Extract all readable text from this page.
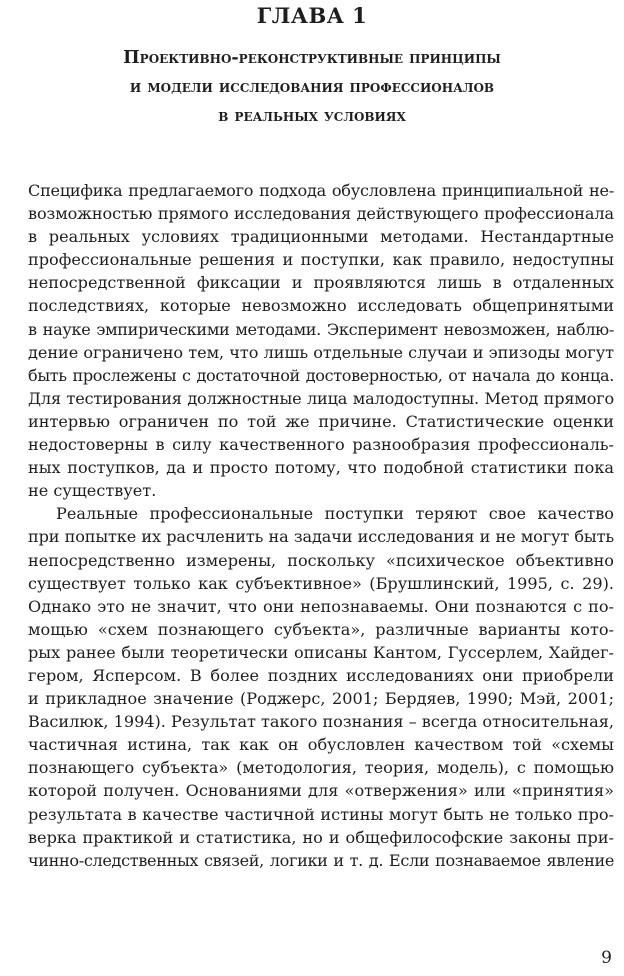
ГЛАВА 1
Проективно-реконструктивные принципы
и модели исследования профессионалов
в реальных условиях
Специфика предлагаемого подхода обусловлена принципиальной не-
возможностью прямого исследования действующего профессионала
в реальных условиях традиционными методами. Нестандартные
профессиональные решения и поступки, как правило, недоступны
непосредственной фиксации и проявляются лишь в отдаленных
последствиях, которые невозможно исследовать общепринятыми
в науке эмпирическими методами. Эксперимент невозможен, наблю-
дение ограничено тем, что лишь отдельные случаи и эпизоды могут
быть прослежены с достаточной достоверностью, от начала до конца.
Для тестирования должностные лица малодоступны. Метод прямого
интервью ограничен по той же причине. Статистические оценки
недостоверны в силу качественного разнообразия профессиональ-
ных поступков, да и просто потому, что подобной статистики пока
не существует.
Реальные профессиональные поступки теряют свое качество
при попытке их расчленить на задачи исследования и не могут быть
непосредственно измерены, поскольку «психическое объективно
существует только как субъективное» (Брушлинский, 1995, с. 29).
Однако это не значит, что они непознаваемы. Они познаются с по-
мощью «схем познающего субъекта», различные варианты кото-
рых ранее были теоретически описаны Кантом, Гуссерлем, Хайдег-
гером, Ясперсом. В более поздних исследованиях они приобрели
и прикладное значение (Роджерс, 2001; Бердяев, 1990; Мэй, 2001;
Василюк, 1994). Результат такого познания – всегда относительная,
частичная истина, так как он обусловлен качеством той «схемы
познающего субъекта» (методология, теория, модель), с помощью
которой получен. Основаниями для «отвержения» или «принятия»
результата в качестве частичной истины могут быть не только про-
верка практикой и статистика, но и общефилософские законы при-
чинно-следственных связей, логики и т. д. Если познаваемое явление
9
